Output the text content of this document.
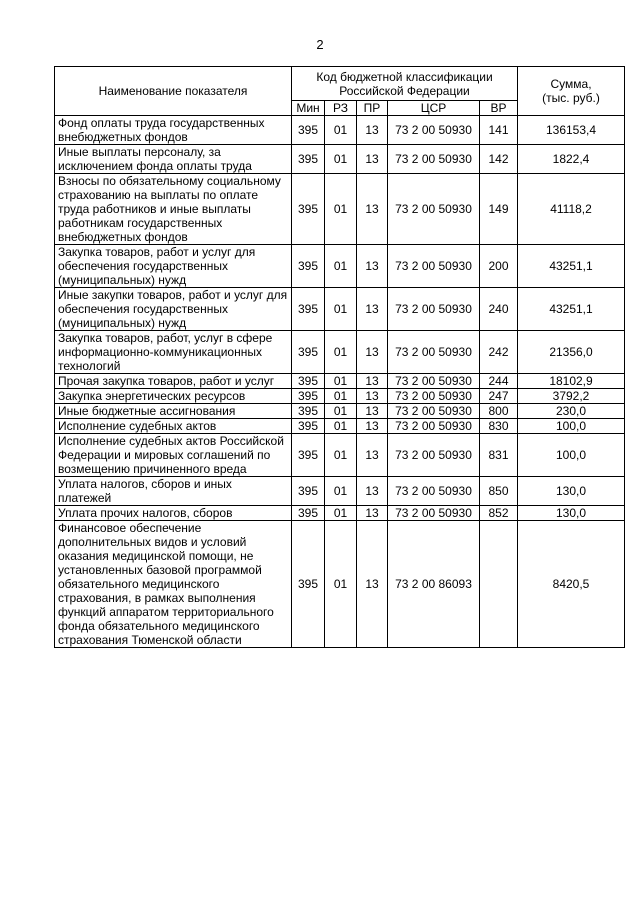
2
Наименование показателя	Код бюджетной классификации Российской Федерации					Сумма,
(тыс. руб.)
	Мин	РЗ	ПР	ЦСР	ВР	
Фонд оплаты труда государственных внебюджетных фондов	395	01	13	73 2 00 50930	141	136153,4
Иные выплаты персоналу, за исключением фонда оплаты труда	395	01	13	73 2 00 50930	142	1822,4
Взносы по обязательному социальному страхованию на выплаты по оплате труда работников и иные выплаты работникам государственных внебюджетных фондов	395	01	13	73 2 00 50930	149	41118,2
Закупка товаров, работ и услуг для обеспечения государственных (муниципальных) нужд	395	01	13	73 2 00 50930	200	43251,1
Иные закупки товаров, работ и услуг для обеспечения государственных (муниципальных) нужд	395	01	13	73 2 00 50930	240	43251,1
Закупка товаров, работ, услуг в сфере информационно-коммуникационных технологий	395	01	13	73 2 00 50930	242	21356,0
Прочая закупка товаров, работ и услуг	395	01	13	73 2 00 50930	244	18102,9
Закупка энергетических ресурсов	395	01	13	73 2 00 50930	247	3792,2
Иные бюджетные ассигнования	395	01	13	73 2 00 50930	800	230,0
Исполнение судебных актов	395	01	13	73 2 00 50930	830	100,0
Исполнение судебных актов Российской Федерации и мировых соглашений по возмещению причиненного вреда	395	01	13	73 2 00 50930	831	100,0
Уплата налогов, сборов и иных платежей	395	01	13	73 2 00 50930	850	130,0
Уплата прочих налогов, сборов	395	01	13	73 2 00 50930	852	130,0
Финансовое обеспечение дополнительных видов и условий оказания медицинской помощи, не установленных базовой программой обязательного медицинского страхования, в рамках выполнения функций аппаратом территориального фонда обязательного медицинского страхования Тюменской области	395	01	13	73 2 00 86093		8420,5
